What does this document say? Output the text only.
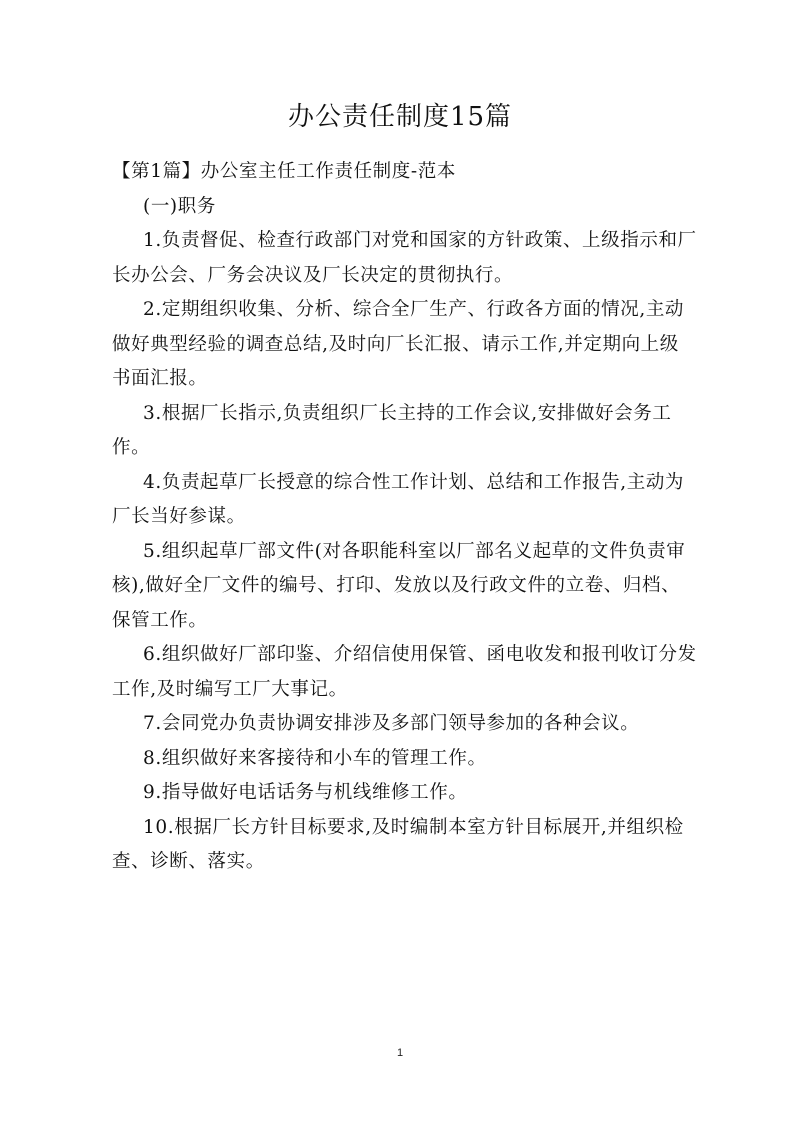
办公责任制度15篇

【第1篇】办公室主任工作责任制度-范本

(一)职务

1.负责督促、检查行政部门对党和国家的方针政策、上级指示和厂

长办公会、厂务会决议及厂长决定的贯彻执行。

2.定期组织收集、分析、综合全厂生产、行政各方面的情况,主动

做好典型经验的调查总结,及时向厂长汇报、请示工作,并定期向上级

书面汇报。

3.根据厂长指示,负责组织厂长主持的工作会议,安排做好会务工

作。

4.负责起草厂长授意的综合性工作计划、总结和工作报告,主动为

厂长当好参谋。

5.组织起草厂部文件(对各职能科室以厂部名义起草的文件负责审

核),做好全厂文件的编号、打印、发放以及行政文件的立卷、归档、

保管工作。

6.组织做好厂部印鉴、介绍信使用保管、函电收发和报刊收订分发

工作,及时编写工厂大事记。

7.会同党办负责协调安排涉及多部门领导参加的各种会议。

8.组织做好来客接待和小车的管理工作。

9.指导做好电话话务与机线维修工作。

10.根据厂长方针目标要求,及时编制本室方针目标展开,并组织检

查、诊断、落实。

1
